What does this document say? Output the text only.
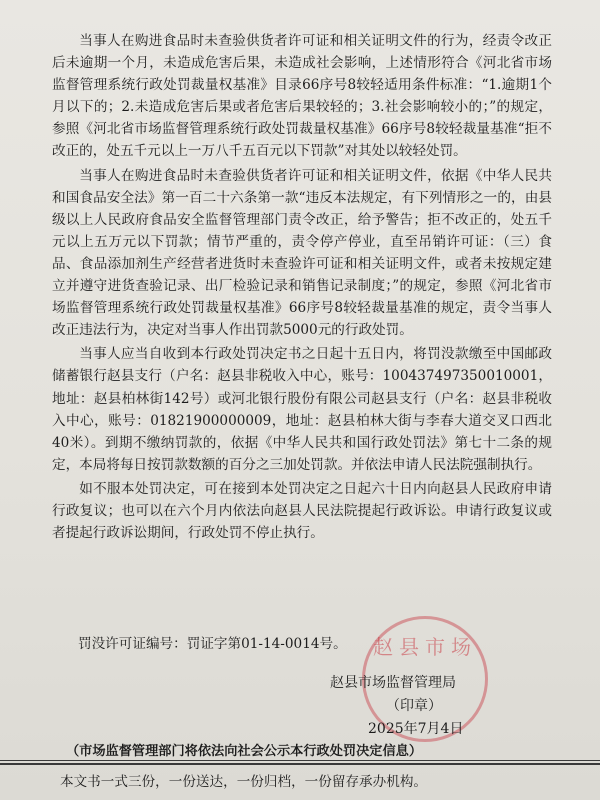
当事人在购进食品时未查验供货者许可证和相关证明文件的行为，经责令改正后未逾期一个月，未造成危害后果，未造成社会影响，上述情形符合《河北省市场监督管理系统行政处罚裁量权基准》目录66序号8较轻适用条件标准：“1.逾期1个月以下的；2.未造成危害后果或者危害后果较轻的；3.社会影响较小的；”的规定，参照《河北省市场监督管理系统行政处罚裁量权基准》66序号8较轻裁量基准“拒不改正的，处五千元以上一万八千五百元以下罚款”对其处以较轻处罚。

当事人在购进食品时未查验供货者许可证和相关证明文件，依据《中华人民共和国食品安全法》第一百二十六条第一款“违反本法规定，有下列情形之一的，由县级以上人民政府食品安全监督管理部门责令改正，给予警告；拒不改正的，处五千元以上五万元以下罚款；情节严重的，责令停产停业，直至吊销许可证：（三）食品、食品添加剂生产经营者进货时未查验许可证和相关证明文件，或者未按规定建立并遵守进货查验记录、出厂检验记录和销售记录制度；”的规定，参照《河北省市场监督管理系统行政处罚裁量权基准》66序号8较轻裁量基准的规定，责令当事人改正违法行为，决定对当事人作出罚款5000元的行政处罚。

当事人应当自收到本行政处罚决定书之日起十五日内，将罚没款缴至中国邮政储蓄银行赵县支行（户名：赵县非税收入中心，账号：100437497350010001，地址：赵县柏林街142号）或河北银行股份有限公司赵县支行（户名：赵县非税收入中心，账号：01821900000009，地址：赵县柏林大街与李春大道交叉口西北40米）。到期不缴纳罚款的，依据《中华人民共和国行政处罚法》第七十二条的规定，本局将每日按罚款数额的百分之三加处罚款。并依法申请人民法院强制执行。

如不服本处罚决定，可在接到本处罚决定之日起六十日内向赵县人民政府申请行政复议；也可以在六个月内依法向赵县人民法院提起行政诉讼。申请行政复议或者提起行政诉讼期间，行政处罚不停止执行。

罚没许可证编号：罚证字第01-14-0014号。	赵县市场
赵县市场监督管理局
（印章）
2025年7月4日
（市场监督管理部门将依法向社会公示本行政处罚决定信息）
本文书一式三份，一份送达，一份归档，一份留存承办机构。
